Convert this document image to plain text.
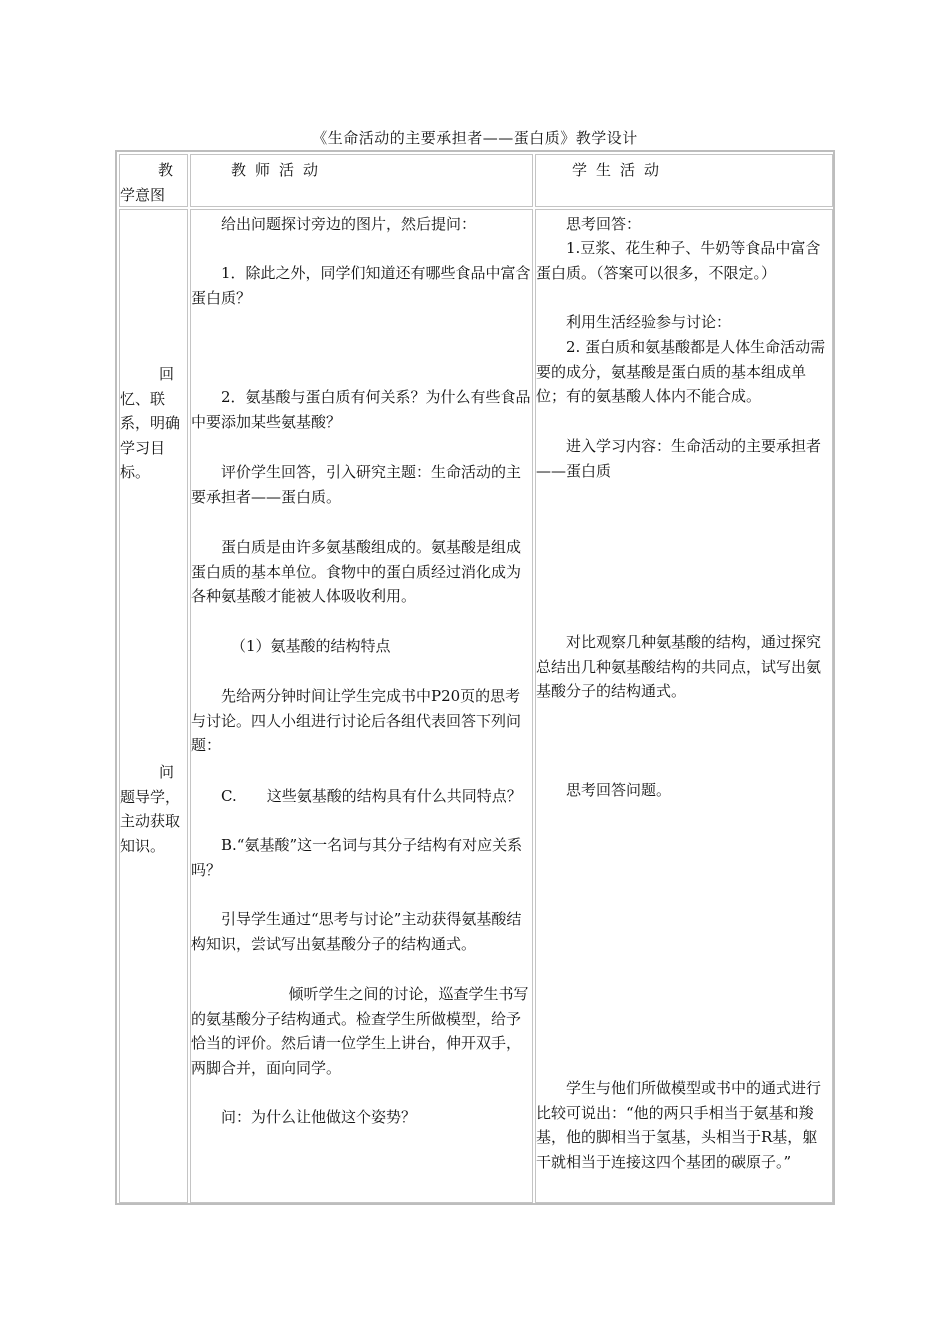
《生命活动的主要承担者——蛋白质》教学设计
教
学意图
教师活动	学生活动
回
忆、联
系，明确
学习目
标。
问
题导学，
主动获取
知识。

给出问题探讨旁边的图片，然后提问：

1．除此之外，同学们知道还有哪些食品中富含蛋白质？

2．氨基酸与蛋白质有何关系？为什么有些食品中要添加某些氨基酸？

评价学生回答，引入研究主题：生命活动的主要承担者——蛋白质。

蛋白质是由许多氨基酸组成的。氨基酸是组成蛋白质的基本单位。食物中的蛋白质经过消化成为各种氨基酸才能被人体吸收利用。

（1）氨基酸的结构特点

先给两分钟时间让学生完成书中P20页的思考与讨论。四人小组进行讨论后各组代表回答下列问题：

C.　　这些氨基酸的结构具有什么共同特点？

B.“氨基酸”这一名词与其分子结构有对应关系吗？

引导学生通过“思考与讨论”主动获得氨基酸结构知识，尝试写出氨基酸分子的结构通式。

倾听学生之间的讨论，巡查学生书写的氨基酸分子结构通式。检查学生所做模型，给予恰当的评价。然后请一位学生上讲台，伸开双手，两脚合并，面向同学。

问：为什么让他做这个姿势？

思考回答：

1.豆浆、花生种子、牛奶等食品中富含蛋白质。（答案可以很多，不限定。）

利用生活经验参与讨论：

2. 蛋白质和氨基酸都是人体生命活动需要的成分，氨基酸是蛋白质的基本组成单位；有的氨基酸人体内不能合成。

进入学习内容：生命活动的主要承担者——蛋白质

对比观察几种氨基酸的结构，通过探究总结出几种氨基酸结构的共同点，试写出氨基酸分子的结构通式。

思考回答问题。

学生与他们所做模型或书中的通式进行比较可说出：“他的两只手相当于氨基和羧基，他的脚相当于氢基，头相当于R基，躯干就相当于连接这四个基团的碳原子。”
